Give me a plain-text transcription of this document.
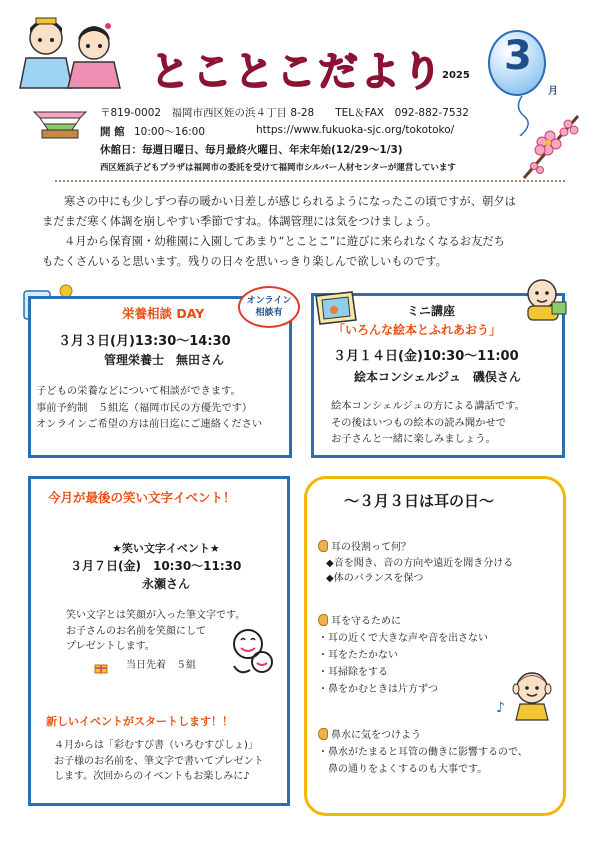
とことこだより
2025 3
月
〒819-0002　福岡市西区姪の浜４丁目 8-28　　TEL＆FAX　092-882-7532
開 館 10:00～16:00	https://www.fukuoka-sjc.org/tokotoko/
休館日：毎週日曜日、毎月最終火曜日、年末年始(12/29～1/3)
西区姪浜子どもプラザは福岡市の委託を受けて福岡市シルバー人材センターが運営しています
寒さの中にも少しずつ春の暖かい日差しが感じられるようになったこの頃ですが、朝夕は
まだまだ寒く体調を崩しやすい季節ですね。体調管理には気をつけましょう。
４月から保育園・幼稚園に入園してあまり“とことこ”に遊びに来られなくなるお友だち
もたくさんいると思います。残りの日々を思いっきり楽しんで欲しいものです。
栄養相談 DAY
オンライン
相談有
３月３日(月)13:30～14:30
管理栄養士　無田さん
子どもの栄養などについて相談ができます。
事前予約制　５組迄（福岡市民の方優先です）
オンラインご希望の方は前日迄にご連絡ください
ミニ講座
「いろんな絵本とふれあおう」
３月１４日(金)10:30～11:00
絵本コンシェルジュ　磯俣さん
絵本コンシェルジュの方による講話です。
その後はいつもの絵本の読み聞かせで
お子さんと一緒に楽しみましょう。
今月が最後の笑い文字イベント！
★笑い文字イベント★
３月７日(金)　10:30～11:30
永瀬さん
笑い文字とは笑顔が入った筆文字です。
お子さんのお名前を笑顔にして
プレゼントします。
当日先着　５組
新しいイベントがスタートします！！
４月からは「彩むすび書（いろむすびしょ)」
お子様のお名前を、筆文字で書いてプレゼント
します。次回からのイベントもお楽しみに♪
～３月３日は耳の日～
耳の役割って何？
◆音を聞き、音の方向や遠近を聞き分ける
◆体のバランスを保つ
耳を守るために
・耳の近くで大きな声や音を出さない
・耳をたたかない
・耳掃除をする
・鼻をかむときは片方ずつ
♪
鼻水に気をつけよう
・鼻水がたまると耳管の働きに影響するので、
　鼻の通りをよくするのも大事です。
